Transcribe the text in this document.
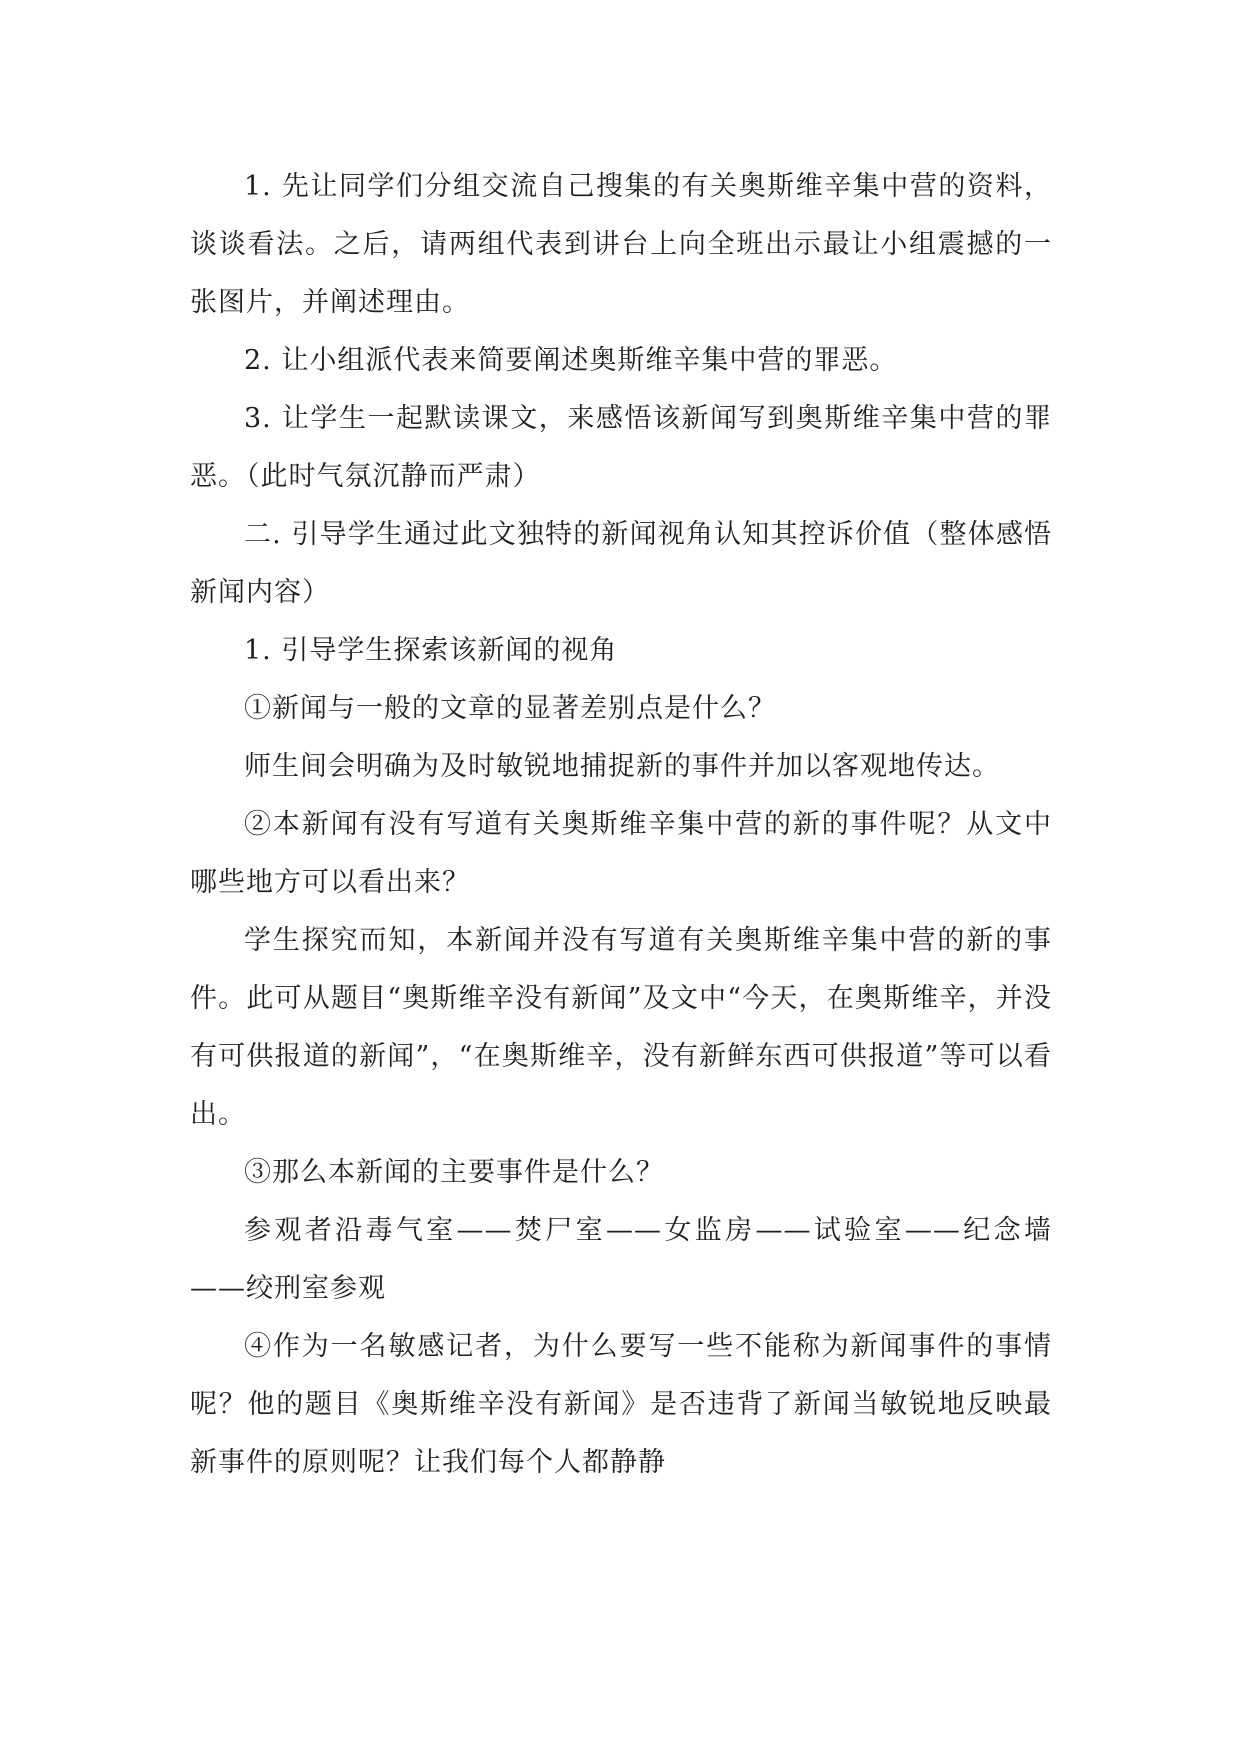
1. 先让同学们分组交流自己搜集的有关奥斯维辛集中营的资料，谈谈看法。之后，请两组代表到讲台上向全班出示最让小组震撼的一张图片，并阐述理由。

2. 让小组派代表来简要阐述奥斯维辛集中营的罪恶。

3. 让学生一起默读课文，来感悟该新闻写到奥斯维辛集中营的罪恶。（此时气氛沉静而严肃）

二. 引导学生通过此文独特的新闻视角认知其控诉价值（整体感悟新闻内容）

1. 引导学生探索该新闻的视角

①新闻与一般的文章的显著差别点是什么？

师生间会明确为及时敏锐地捕捉新的事件并加以客观地传达。

②本新闻有没有写道有关奥斯维辛集中营的新的事件呢？从文中哪些地方可以看出来？

学生探究而知，本新闻并没有写道有关奥斯维辛集中营的新的事件。此可从题目“奥斯维辛没有新闻”及文中“今天，在奥斯维辛，并没有可供报道的新闻”，“在奥斯维辛，没有新鲜东西可供报道”等可以看出。

③那么本新闻的主要事件是什么？

参观者沿毒气室——焚尸室——女监房——试验室——纪念墙——绞刑室参观

④作为一名敏感记者，为什么要写一些不能称为新闻事件的事情呢？他的题目《奥斯维辛没有新闻》是否违背了新闻当敏锐地反映最新事件的原则呢？让我们每个人都静静
